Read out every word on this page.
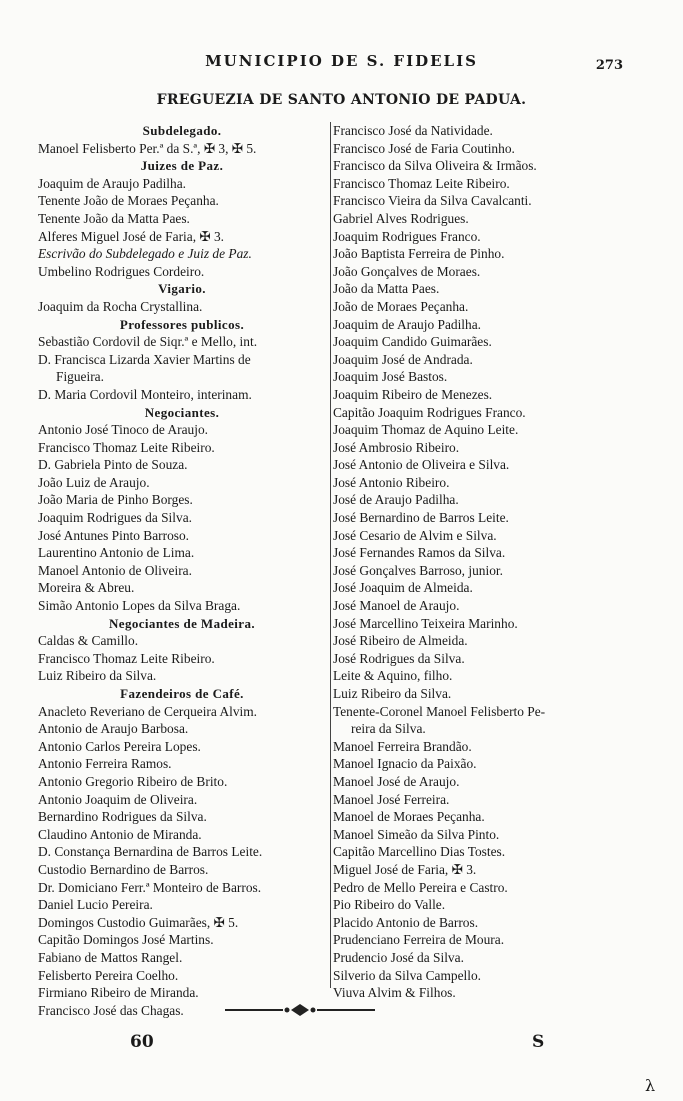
MUNICIPIO DE S. FIDELIS	273
FREGUEZIA DE SANTO ANTONIO DE PADUA.

Subdelegado.

Manoel Felisberto Per.ª da S.ª, ✠ 3, ✠ 5.

Juizes de Paz.

Joaquim de Araujo Padilha.

Tenente João de Moraes Peçanha.

Tenente João da Matta Paes.

Alferes Miguel José de Faria, ✠ 3.

Escrivão do Subdelegado e Juiz de Paz.

Umbelino Rodrigues Cordeiro.

Vigario.

Joaquim da Rocha Crystallina.

Professores publicos.

Sebastião Cordovil de Siqr.ª e Mello, int.

D. Francisca Lizarda Xavier Martins de

Figueira.

D. Maria Cordovil Monteiro, interinam.

Negociantes.

Antonio José Tinoco de Araujo.

Francisco Thomaz Leite Ribeiro.

D. Gabriela Pinto de Souza.

João Luiz de Araujo.

João Maria de Pinho Borges.

Joaquim Rodrigues da Silva.

José Antunes Pinto Barroso.

Laurentino Antonio de Lima.

Manoel Antonio de Oliveira.

Moreira & Abreu.

Simão Antonio Lopes da Silva Braga.

Negociantes de Madeira.

Caldas & Camillo.

Francisco Thomaz Leite Ribeiro.

Luiz Ribeiro da Silva.

Fazendeiros de Café.

Anacleto Reveriano de Cerqueira Alvim.

Antonio de Araujo Barbosa.

Antonio Carlos Pereira Lopes.

Antonio Ferreira Ramos.

Antonio Gregorio Ribeiro de Brito.

Antonio Joaquim de Oliveira.

Bernardino Rodrigues da Silva.

Claudino Antonio de Miranda.

D. Constança Bernardina de Barros Leite.

Custodio Bernardino de Barros.

Dr. Domiciano Ferr.ª Monteiro de Barros.

Daniel Lucio Pereira.

Domingos Custodio Guimarães, ✠ 5.

Capitão Domingos José Martins.

Fabiano de Mattos Rangel.

Felisberto Pereira Coelho.

Firmiano Ribeiro de Miranda.

Francisco José das Chagas.

Francisco José da Natividade.

Francisco José de Faria Coutinho.

Francisco da Silva Oliveira & Irmãos.

Francisco Thomaz Leite Ribeiro.

Francisco Vieira da Silva Cavalcanti.

Gabriel Alves Rodrigues.

Joaquim Rodrigues Franco.

João Baptista Ferreira de Pinho.

João Gonçalves de Moraes.

João da Matta Paes.

João de Moraes Peçanha.

Joaquim de Araujo Padilha.

Joaquim Candido Guimarães.

Joaquim José de Andrada.

Joaquim José Bastos.

Joaquim Ribeiro de Menezes.

Capitão Joaquim Rodrigues Franco.

Joaquim Thomaz de Aquino Leite.

José Ambrosio Ribeiro.

José Antonio de Oliveira e Silva.

José Antonio Ribeiro.

José de Araujo Padilha.

José Bernardino de Barros Leite.

José Cesario de Alvim e Silva.

José Fernandes Ramos da Silva.

José Gonçalves Barroso, junior.

José Joaquim de Almeida.

José Manoel de Araujo.

José Marcellino Teixeira Marinho.

José Ribeiro de Almeida.

José Rodrigues da Silva.

Leite & Aquino, filho.

Luiz Ribeiro da Silva.

Tenente-Coronel Manoel Felisberto Pe-

reira da Silva.

Manoel Ferreira Brandão.

Manoel Ignacio da Paixão.

Manoel José de Araujo.

Manoel José Ferreira.

Manoel de Moraes Peçanha.

Manoel Simeão da Silva Pinto.

Capitão Marcellino Dias Tostes.

Miguel José de Faria, ✠ 3.

Pedro de Mello Pereira e Castro.

Pio Ribeiro do Valle.

Placido Antonio de Barros.

Prudenciano Ferreira de Moura.

Prudencio José da Silva.

Silverio da Silva Campello.

Viuva Alvim & Filhos.

60	S
λ
